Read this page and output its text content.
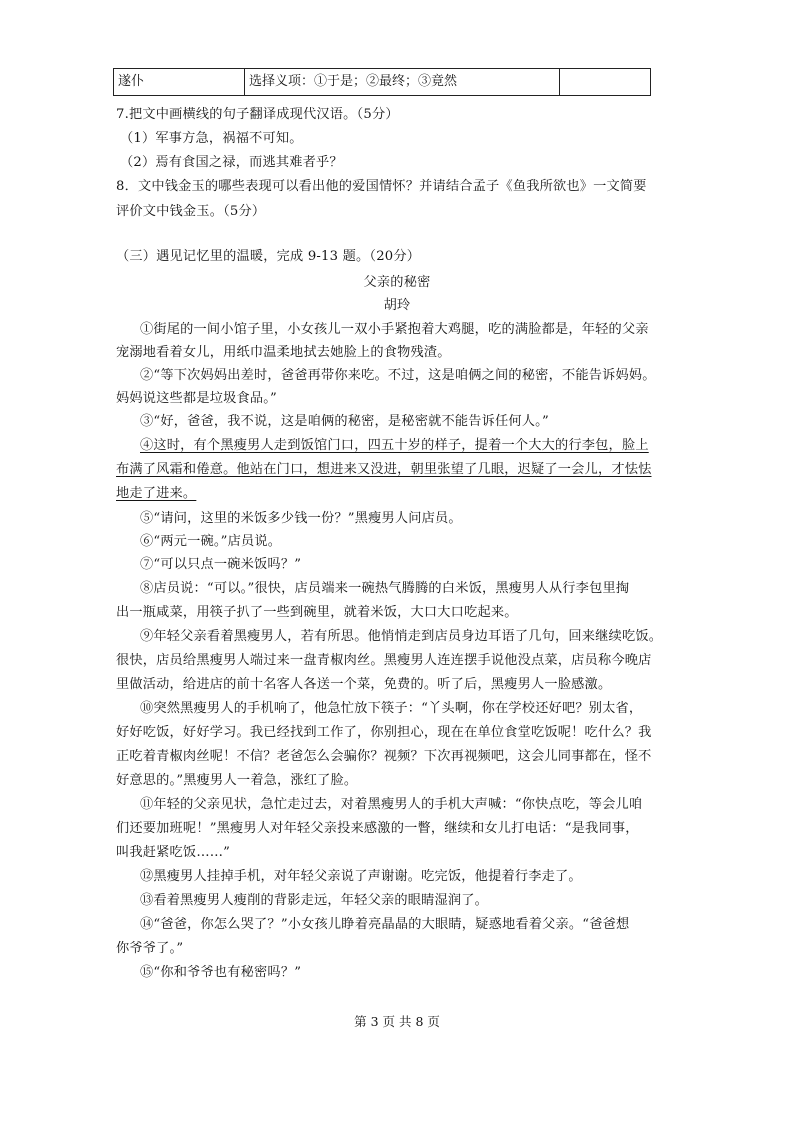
遂仆	选择义项：①于是；②最终；③竟然
7.把文中画横线的句子翻译成现代汉语。（5分）
（1）军事方急，祸福不可知。
（2）焉有食国之禄，而逃其难者乎？
8．文中钱金玉的哪些表现可以看出他的爱国情怀？并请结合孟子《鱼我所欲也》一文简要
评价文中钱金玉。（5分）
（三）遇见记忆里的温暖，完成 9-13 题。（20分）
父亲的秘密
胡玲
①街尾的一间小馆子里，小女孩儿一双小手紧抱着大鸡腿，吃的满脸都是，年轻的父亲
宠溺地看着女儿，用纸巾温柔地拭去她脸上的食物残渣。
②“等下次妈妈出差时，爸爸再带你来吃。不过，这是咱俩之间的秘密，不能告诉妈妈。
妈妈说这些都是垃圾食品。”
③“好，爸爸，我不说，这是咱俩的秘密，是秘密就不能告诉任何人。”
④这时，有个黑瘦男人走到饭馆门口，四五十岁的样子，提着一个大大的行李包，脸上
布满了风霜和倦意。他站在门口，想进来又没进，朝里张望了几眼，迟疑了一会儿，才怯怯
地走了进来。
⑤“请问，这里的米饭多少钱一份？”黑瘦男人问店员。
⑥“两元一碗。”店员说。
⑦“可以只点一碗米饭吗？”
⑧店员说：“可以。”很快，店员端来一碗热气腾腾的白米饭，黑瘦男人从行李包里掏
出一瓶咸菜，用筷子扒了一些到碗里，就着米饭，大口大口吃起来。
⑨年轻父亲看着黑瘦男人，若有所思。他悄悄走到店员身边耳语了几句，回来继续吃饭。
很快，店员给黑瘦男人端过来一盘青椒肉丝。黑瘦男人连连摆手说他没点菜，店员称今晚店
里做活动，给进店的前十名客人各送一个菜，免费的。听了后，黑瘦男人一脸感激。
⑩突然黑瘦男人的手机响了，他急忙放下筷子：“丫头啊，你在学校还好吧？别太省，
好好吃饭，好好学习。我已经找到工作了，你别担心，现在在单位食堂吃饭呢！吃什么？我
正吃着青椒肉丝呢！不信？老爸怎么会骗你？视频？下次再视频吧，这会儿同事都在，怪不
好意思的。”黑瘦男人一着急，涨红了脸。
⑪年轻的父亲见状，急忙走过去，对着黑瘦男人的手机大声喊：“你快点吃，等会儿咱
们还要加班呢！”黑瘦男人对年轻父亲投来感激的一瞥，继续和女儿打电话：“是我同事，
叫我赶紧吃饭……”
⑫黑瘦男人挂掉手机，对年轻父亲说了声谢谢。吃完饭，他提着行李走了。
⑬看着黑瘦男人瘦削的背影走远，年轻父亲的眼睛湿润了。
⑭“爸爸，你怎么哭了？”小女孩儿睁着亮晶晶的大眼睛，疑惑地看着父亲。“爸爸想
你爷爷了。”
⑮“你和爷爷也有秘密吗？”
第 3 页 共 8 页
